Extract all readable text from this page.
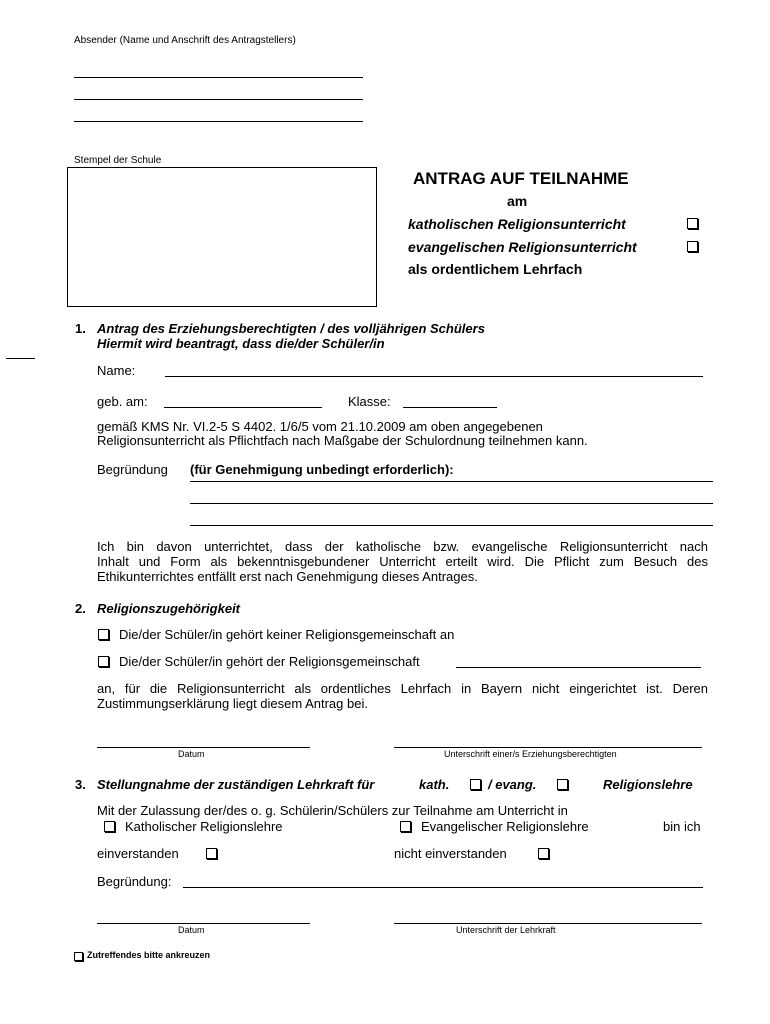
Absender (Name und Anschrift des Antragstellers)
Stempel der Schule
ANTRAG AUF TEILNAHME
am
katholischen Religionsunterricht
evangelischen Religionsunterricht
als ordentlichem Lehrfach
1. Antrag des Erziehungsberechtigten / des volljährigen Schülers
Hiermit wird beantragt, dass die/der Schüler/in
Name:
geb. am:	Klasse:
gemäß KMS Nr. VI.2-5 S 4402. 1/6/5 vom 21.10.2009 am oben angegebenen
Religionsunterricht als Pflichtfach nach Maßgabe der Schulordnung teilnehmen kann.
Begründung (für Genehmigung unbedingt erforderlich):
Ich bin davon unterrichtet, dass der katholische bzw. evangelische Religionsunterricht nach
Inhalt und Form als bekenntnisgebundener Unterricht erteilt wird. Die Pflicht zum Besuch des
Ethikunterrichtes entfällt erst nach Genehmigung dieses Antrages.
2. Religionszugehörigkeit
Die/der Schüler/in gehört keiner Religionsgemeinschaft an
Die/der Schüler/in gehört der Religionsgemeinschaft
an, für die Religionsunterricht als ordentliches Lehrfach in Bayern nicht eingerichtet ist. Deren
Zustimmungserklärung liegt diesem Antrag bei.
Datum	Unterschrift einer/s Erziehungsberechtigten
3. Stellungnahme der zuständigen Lehrkraft für	kath.	/ evang.	Religionslehre
Mit der Zulassung der/des o. g. Schülerin/Schülers zur Teilnahme am Unterricht in
Katholischer Religionslehre	Evangelischer Religionslehre	bin ich
einverstanden	nicht einverstanden
Begründung:
Datum	Unterschrift der Lehrkraft
Zutreffendes bitte ankreuzen
